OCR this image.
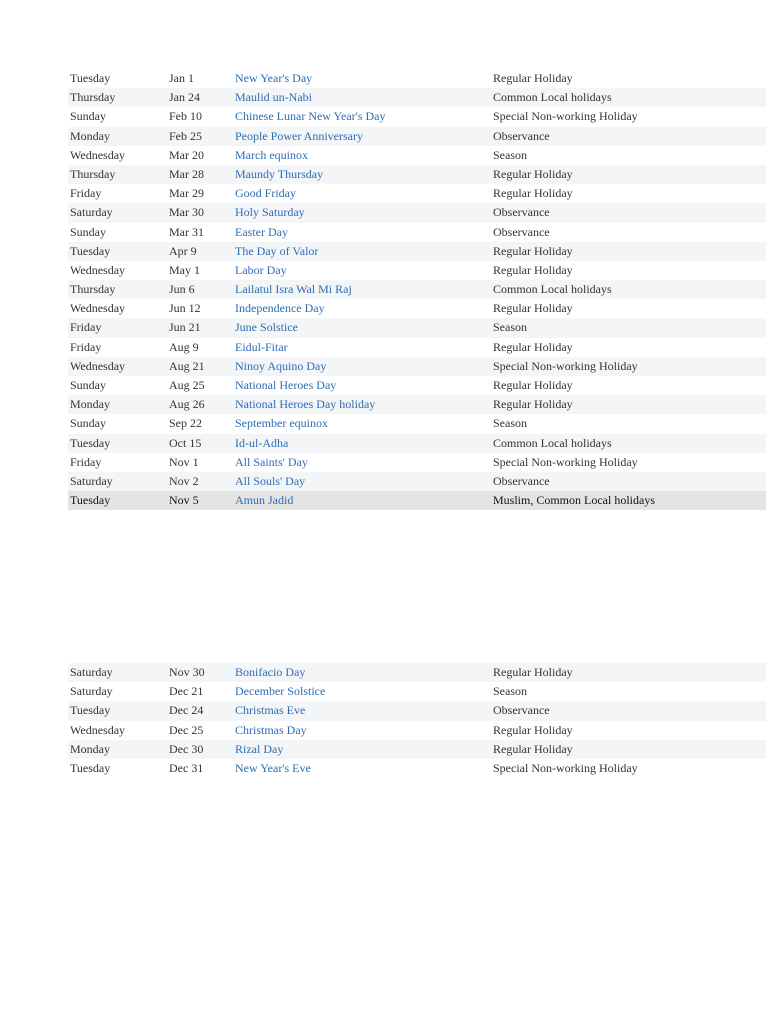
Tuesday	Jan 1	New Year's Day	Regular Holiday
Thursday	Jan 24	Maulid un-Nabi	Common Local holidays
Sunday	Feb 10	Chinese Lunar New Year's Day	Special Non-working Holiday
Monday	Feb 25	People Power Anniversary	Observance
Wednesday	Mar 20	March equinox	Season
Thursday	Mar 28	Maundy Thursday	Regular Holiday
Friday	Mar 29	Good Friday	Regular Holiday
Saturday	Mar 30	Holy Saturday	Observance
Sunday	Mar 31	Easter Day	Observance
Tuesday	Apr 9	The Day of Valor	Regular Holiday
Wednesday	May 1	Labor Day	Regular Holiday
Thursday	Jun 6	Lailatul Isra Wal Mi Raj	Common Local holidays
Wednesday	Jun 12	Independence Day	Regular Holiday
Friday	Jun 21	June Solstice	Season
Friday	Aug 9	Eidul-Fitar	Regular Holiday
Wednesday	Aug 21	Ninoy Aquino Day	Special Non-working Holiday
Sunday	Aug 25	National Heroes Day	Regular Holiday
Monday	Aug 26	National Heroes Day holiday	Regular Holiday
Sunday	Sep 22	September equinox	Season
Tuesday	Oct 15	Id-ul-Adha	Common Local holidays
Friday	Nov 1	All Saints' Day	Special Non-working Holiday
Saturday	Nov 2	All Souls' Day	Observance
Tuesday	Nov 5	Amun Jadid	Muslim, Common Local holidays
Saturday	Nov 30	Bonifacio Day	Regular Holiday
Saturday	Dec 21	December Solstice	Season
Tuesday	Dec 24	Christmas Eve	Observance
Wednesday	Dec 25	Christmas Day	Regular Holiday
Monday	Dec 30	Rizal Day	Regular Holiday
Tuesday	Dec 31	New Year's Eve	Special Non-working Holiday
